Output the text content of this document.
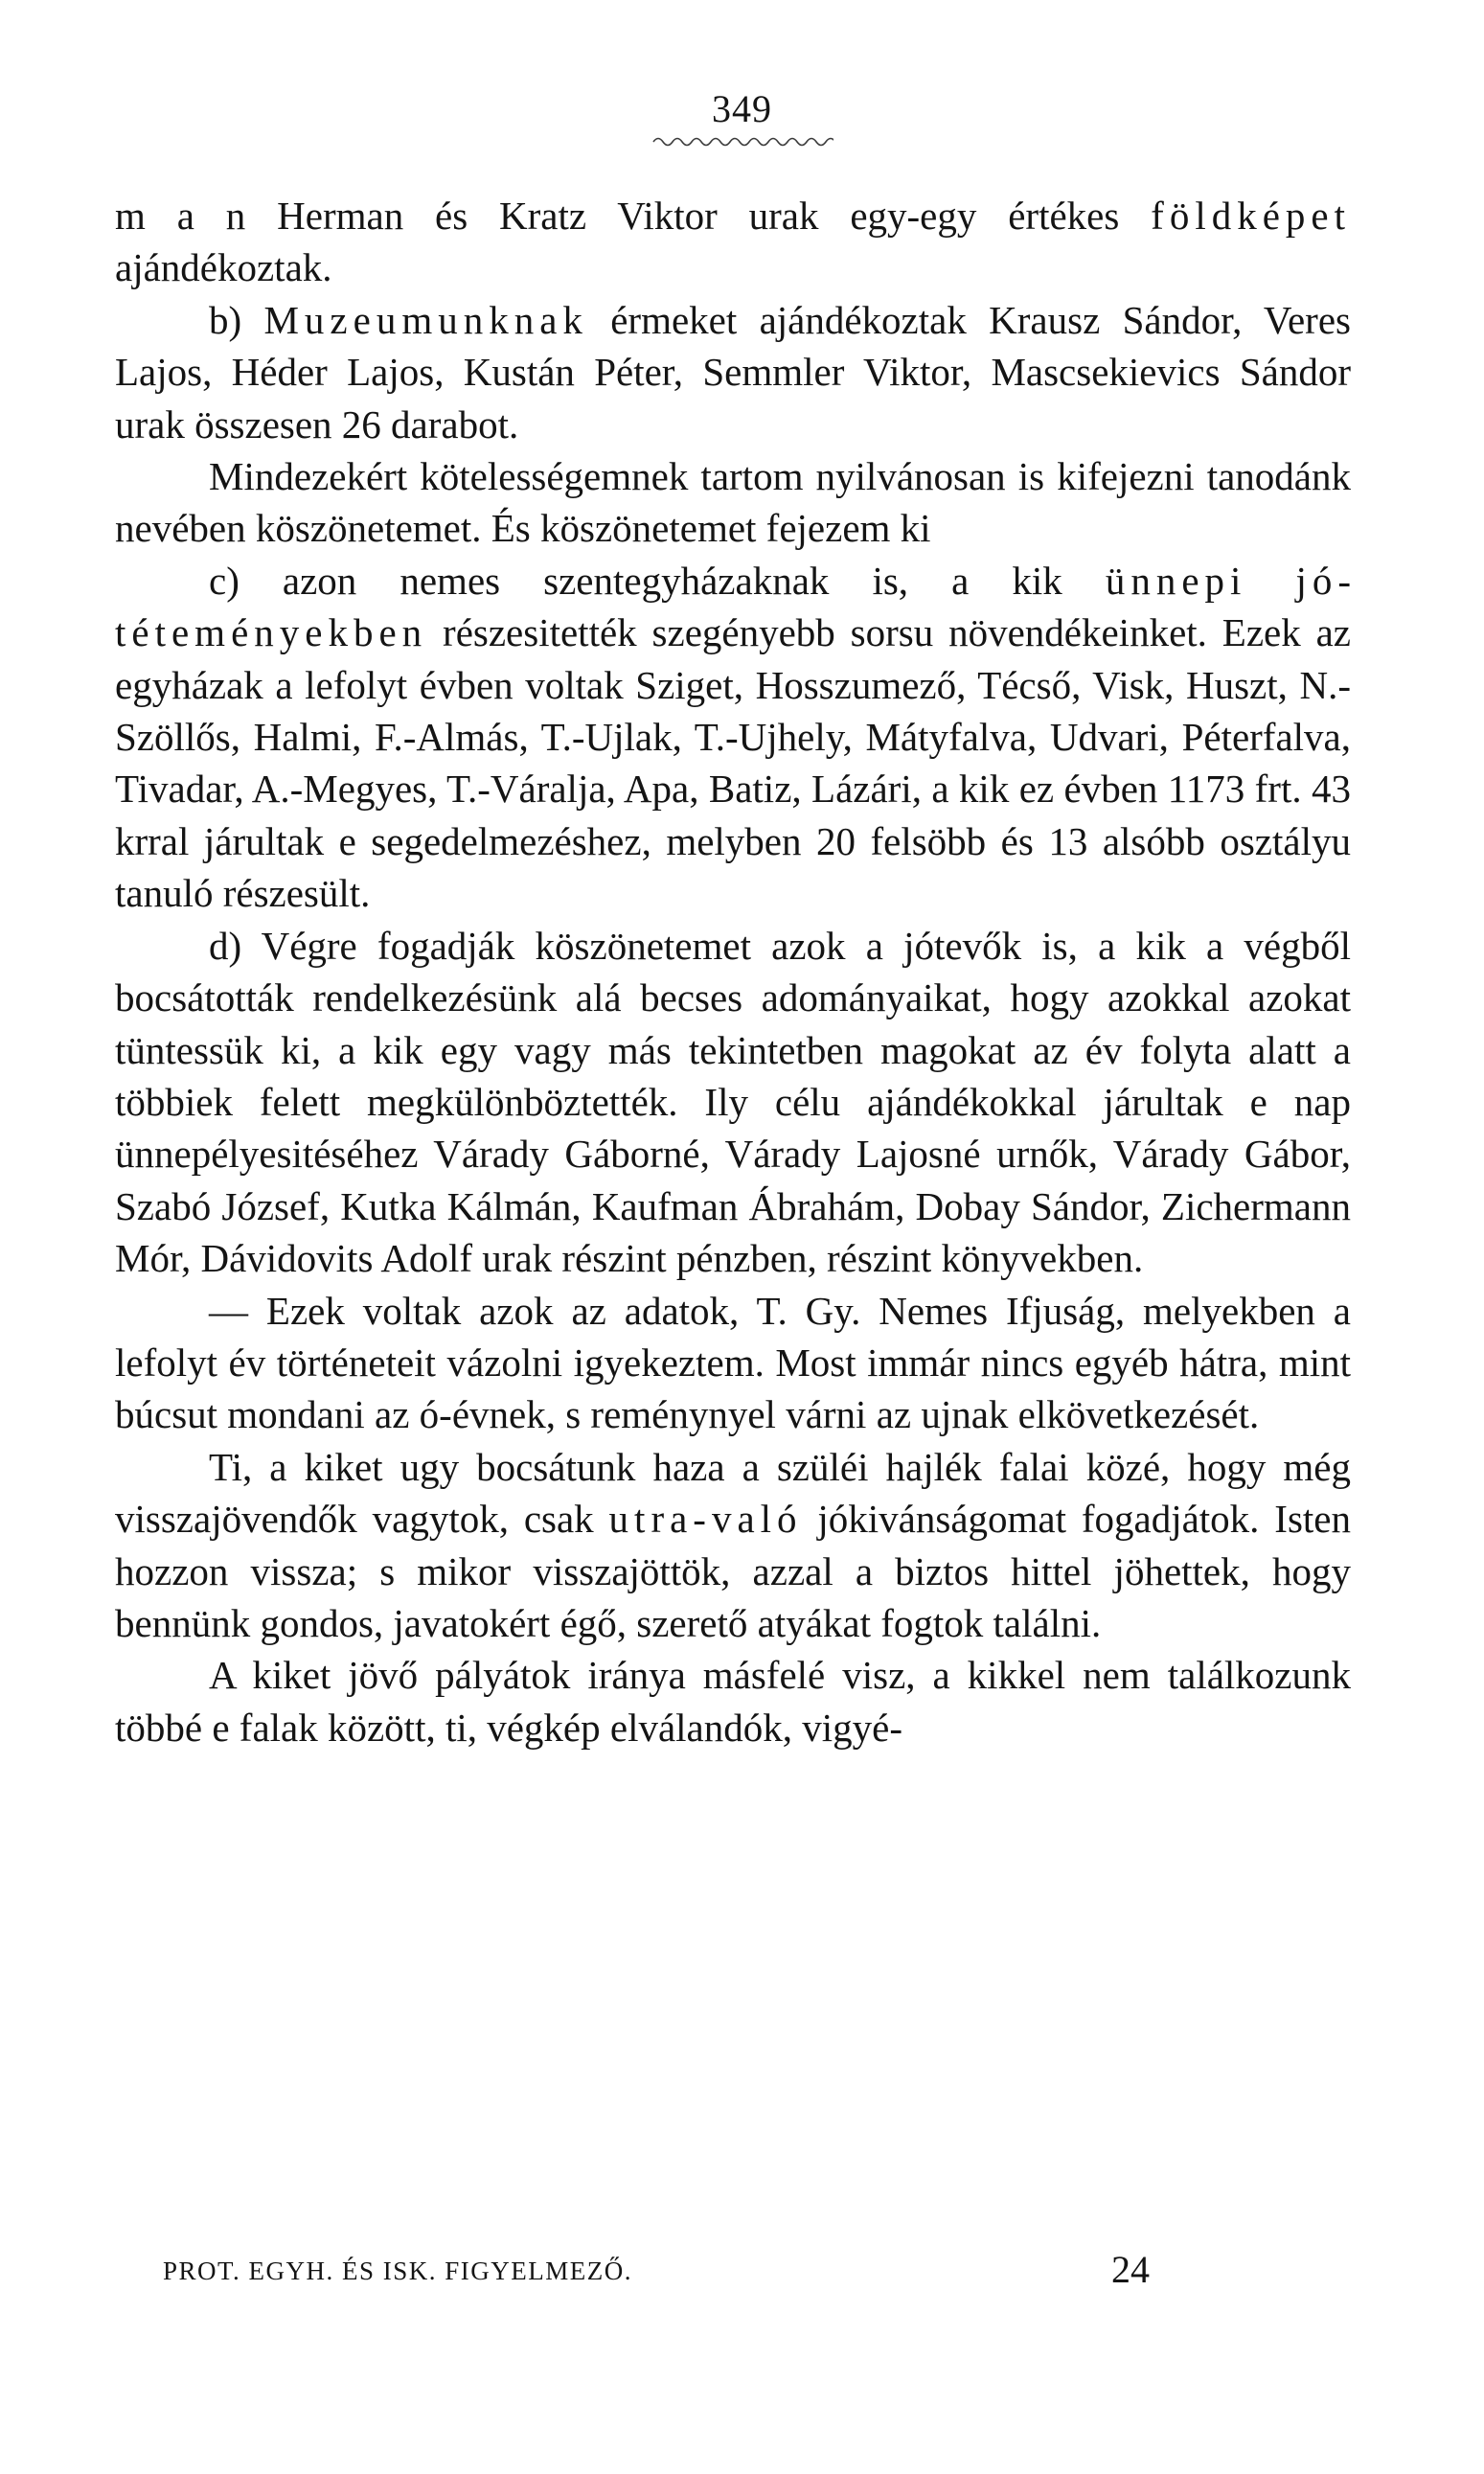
349

m a n Herman és Kratz Viktor urak egy-egy értékes földképet ajándékoztak.

b) Muzeumunknak érmeket ajándékoztak Krausz Sándor, Veres Lajos, Héder Lajos, Kustán Péter, Semmler Viktor, Mascsekievics Sándor urak összesen 26 darabot.

Mindezekért kötelességemnek tartom nyilvánosan is kifejezni tanodánk nevében köszönetemet. És köszönetemet fejezem ki

c) azon nemes szentegyházaknak is, a kik ünnepi jótéteményekben részesitették szegényebb sorsu növendékeinket. Ezek az egyházak a lefolyt évben voltak Sziget, Hosszumező, Técső, Visk, Huszt, N.-Szöllős, Halmi, F.-Almás, T.-Ujlak, T.-Ujhely, Mátyfalva, Udvari, Péterfalva, Tivadar, A.-Megyes, T.-Váralja, Apa, Batiz, Lázári, a kik ez évben 1173 frt. 43 krral járultak e segedelmezéshez, melyben 20 felsöbb és 13 alsóbb osztályu tanuló részesült.

d) Végre fogadják köszönetemet azok a jótevők is, a kik a végből bocsátották rendelkezésünk alá becses adományaikat, hogy azokkal azokat tüntessük ki, a kik egy vagy más tekintetben magokat az év folyta alatt a többiek felett megkülönböztették. Ily célu ajándékokkal járultak e nap ünnepélyesitéséhez Várady Gáborné, Várady Lajosné urnők, Várady Gábor, Szabó József, Kutka Kálmán, Kaufman Ábrahám, Dobay Sándor, Zichermann Mór, Dávidovits Adolf urak részint pénzben, részint könyvekben.

— Ezek voltak azok az adatok, T. Gy. Nemes Ifjuság, melyekben a lefolyt év történeteit vázolni igyekeztem. Most immár nincs egyéb hátra, mint búcsut mondani az ó-évnek, s reménynyel várni az ujnak elkövetkezését.

Ti, a kiket ugy bocsátunk haza a szüléi hajlék falai közé, hogy még visszajövendők vagytok, csak utra-való jókivánságomat fogadjátok. Isten hozzon vissza; s mikor visszajöttök, azzal a biztos hittel jöhettek, hogy bennünk gondos, javatokért égő, szerető atyákat fogtok találni.

A kiket jövő pályátok iránya másfelé visz, a kikkel nem találkozunk többé e falak között, ti, végkép elválandók, vigyé-

PROT. EGYH. ÉS ISK. FIGYELMEZŐ.	24
